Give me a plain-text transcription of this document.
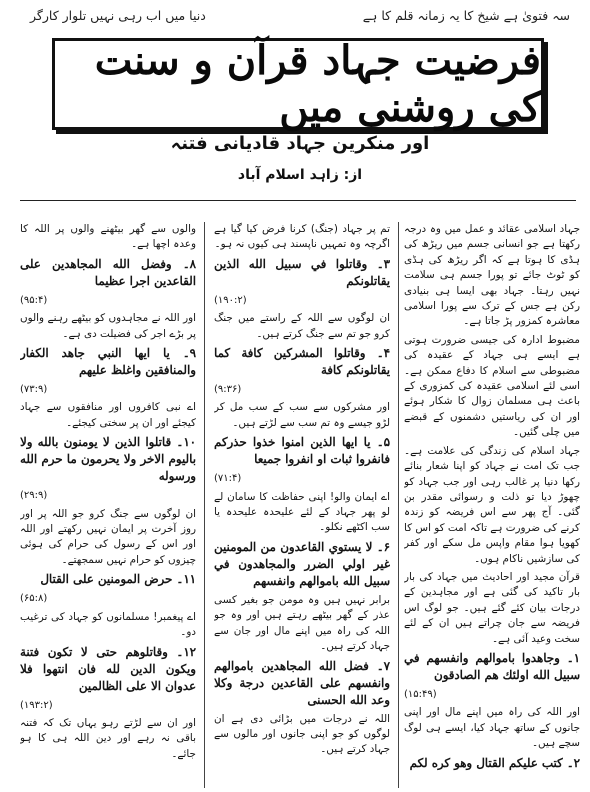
سہ فتویٰ ہے شیخ کا یہ زمانہ قلم کا ہے
دنیا میں اب رہی نہیں تلوار کارگر
فرضیت جہاد قرآن و سنت کی روشنی میں
اور منکرین جہاد قادیانی فتنہ
از: زاہد اسلام آباد

جہاد اسلامی عقائد و عمل میں وہ درجہ رکھتا ہے جو انسانی جسم میں ریڑھ کی ہڈی کا ہوتا ہے کہ اگر ریڑھ کی ہڈی کو ٹوٹ جائے تو پورا جسم ہی سلامت نہیں رہتا۔ جہاد بھی ایسا ہی بنیادی رکن ہے جس کے ترک سے پورا اسلامی معاشرہ کمزور پڑ جاتا ہے۔

مضبوط ادارہ کی جیسی ضرورت ہوتی ہے ایسے ہی جہاد کے عقیدہ کی مضبوطی سے اسلام کا دفاع ممکن ہے۔ اسی لئے اسلامی عقیدہ کی کمزوری کے باعث ہی مسلمان زوال کا شکار ہوئے اور ان کی ریاستیں دشمنوں کے قبضے میں چلی گئیں۔

جہاد اسلام کی زندگی کی علامت ہے۔ جب تک امت نے جہاد کو اپنا شعار بنائے رکھا دنیا پر غالب رہی اور جب جہاد کو چھوڑ دیا تو ذلت و رسوائی مقدر بن گئی۔ آج پھر سے اس فریضہ کو زندہ کرنے کی ضرورت ہے تاکہ امت کو اس کا کھویا ہوا مقام واپس مل سکے اور کفر کی سازشیں ناکام ہوں۔

قرآن مجید اور احادیث میں جہاد کی بار بار تاکید کی گئی ہے اور مجاہدین کے درجات بیان کئے گئے ہیں۔ جو لوگ اس فریضہ سے جان چراتے ہیں ان کے لئے سخت وعید آئی ہے۔

۱۔ وجاهدوا باموالهم وانفسهم في سبيل الله اولئك هم الصادقون

(۱۵:۴۹)

اور اللہ کی راہ میں اپنے مال اور اپنی جانوں کے ساتھ جہاد کیا، ایسے ہی لوگ سچے ہیں۔

۲۔ كتب عليكم القتال وهو كره لكم

تم پر جہاد (جنگ) کرنا فرض کیا گیا ہے اگرچہ وہ تمہیں ناپسند ہی کیوں نہ ہو۔

۳۔ وقاتلوا في سبيل الله الذين يقاتلونكم

(۱۹۰:۲)

ان لوگوں سے اللہ کے راستے میں جنگ کرو جو تم سے جنگ کرتے ہیں۔

۴۔ وقاتلوا المشركين كافة كما يقاتلونكم كافة

(۹:۳۶)

اور مشرکوں سے سب کے سب مل کر لڑو جیسے وہ تم سب سے لڑتے ہیں۔

۵۔ يا ايها الذين امنوا خذوا حذركم فانفروا ثبات او انفروا جميعا

(۷۱:۴)

اے ایمان والو! اپنی حفاظت کا سامان لے لو پھر جہاد کے لئے علیحدہ علیحدہ یا سب اکٹھے نکلو۔

۶۔ لا يستوي القاعدون من المومنين غير اولي الضرر والمجاهدون في سبيل الله باموالهم وانفسهم

برابر نہیں ہیں وہ مومن جو بغیر کسی عذر کے گھر بیٹھے رہتے ہیں اور وہ جو اللہ کی راہ میں اپنے مال اور جان سے جہاد کرتے ہیں۔

۷۔ فضل الله المجاهدين باموالهم وانفسهم على القاعدين درجة وكلا وعد الله الحسنى

اللہ نے درجات میں بڑائی دی ہے ان لوگوں کو جو اپنی جانوں اور مالوں سے جہاد کرتے ہیں۔

والوں سے گھر بیٹھنے والوں پر اللہ کا وعدہ اچھا ہے۔

۸۔ وفضل الله المجاهدين على القاعدين اجرا عظيما

(۹۵:۴)

اور اللہ نے مجاہدوں کو بیٹھے رہنے والوں پر بڑے اجر کی فضیلت دی ہے۔

۹۔ يا ايها النبي جاهد الكفار والمنافقين واغلظ عليهم

(۷۳:۹)

اے نبی کافروں اور منافقوں سے جہاد کیجئے اور ان پر سختی کیجئے۔

۱۰۔ قاتلوا الذين لا يومنون بالله ولا باليوم الاخر ولا يحرمون ما حرم الله ورسوله

(۲۹:۹)

ان لوگوں سے جنگ کرو جو اللہ پر اور روز آخرت پر ایمان نہیں رکھتے اور اللہ اور اس کے رسول کی حرام کی ہوئی چیزوں کو حرام نہیں سمجھتے۔

۱۱۔ حرض المومنين على القتال

(۶۵:۸)

اے پیغمبر! مسلمانوں کو جہاد کی ترغیب دو۔

۱۲۔ وقاتلوهم حتى لا تكون فتنة ويكون الدين لله فان انتهوا فلا عدوان الا على الظالمين

(۱۹۳:۲)

اور ان سے لڑتے رہو یہاں تک کہ فتنہ باقی نہ رہے اور دین اللہ ہی کا ہو جائے۔
